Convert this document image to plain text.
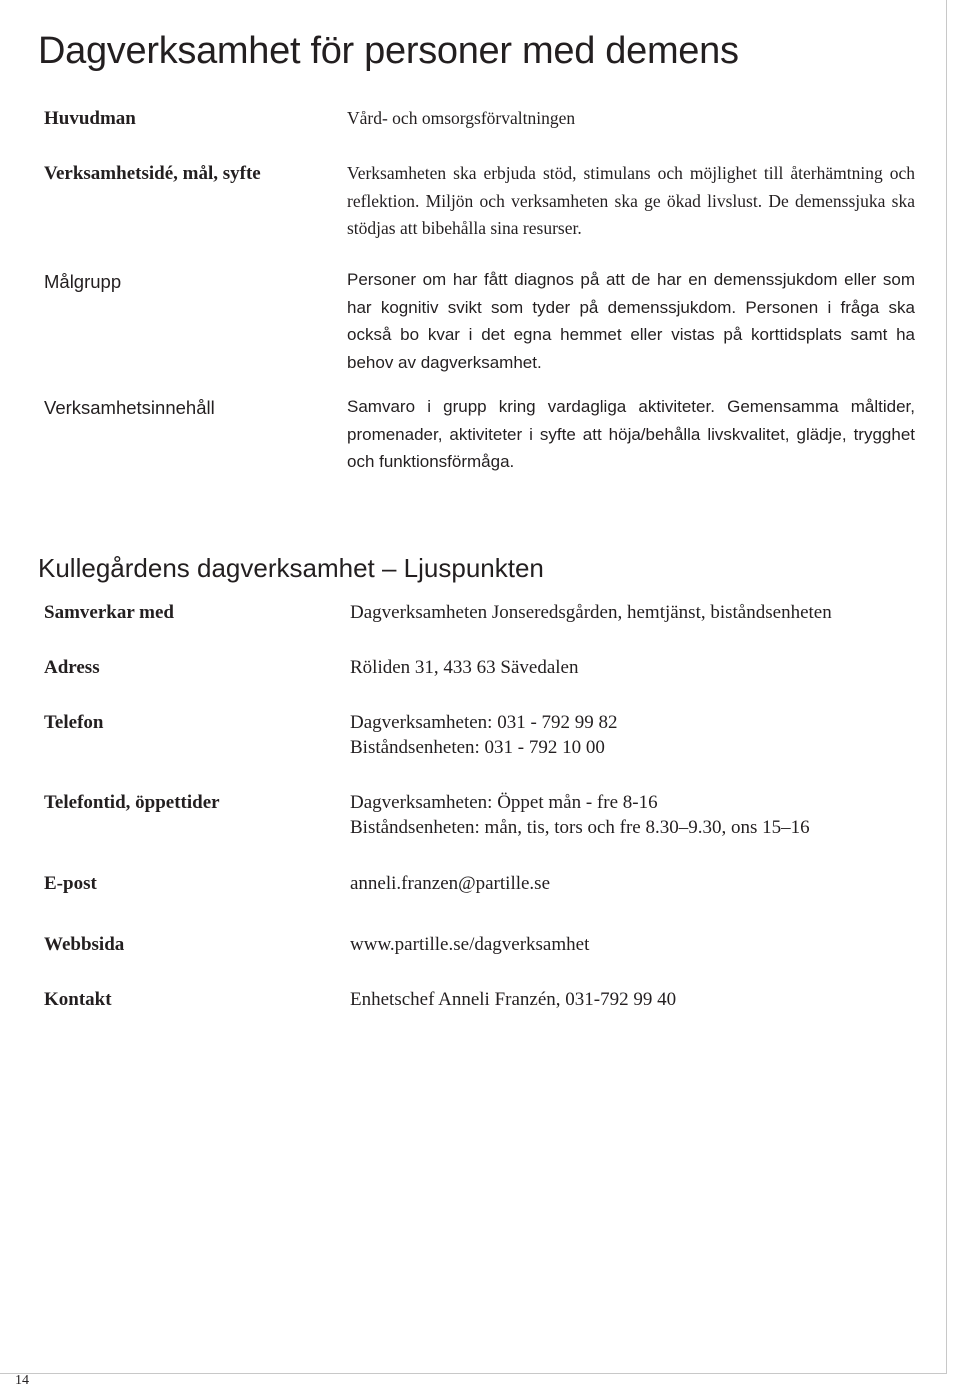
Dagverksamhet för personer med demens
Huvudman	Vård- och omsorgsförvaltningen
Verksamhetsidé, mål, syfte	Verksamheten ska erbjuda stöd, stimulans och möjlighet till återhämtning och reflektion. Miljön och verksamheten ska ge ökad livslust. De demenssjuka ska stödjas att bibehålla sina resurser.
Målgrupp	Personer om har fått diagnos på att de har en demenssjukdom eller som har kognitiv svikt som tyder på demenssjukdom. Personen i fråga ska också bo kvar i det egna hemmet eller vistas på korttidsplats samt ha behov av dagverksamhet.
Verksamhetsinnehåll	Samvaro i grupp kring vardagliga aktiviteter. Gemensamma måltider, promenader, aktiviteter i syfte att höja/behålla livskvalitet, glädje, trygghet och funktionsförmåga.
Kullegårdens dagverksamhet – Ljuspunkten
Samverkar med	Dagverksamheten Jonseredsgården, hemtjänst, biståndsenheten
Adress	Röliden 31, 433 63 Sävedalen
Telefon	Dagverksamheten: 031 - 792 99 82
Biståndsenheten: 031 - 792 10 00
Telefontid, öppettider	Dagverksamheten: Öppet mån - fre 8-16
Biståndsenheten: mån, tis, tors och fre 8.30–9.30, ons 15–16
E-post	anneli.franzen@partille.se
Webbsida	www.partille.se/dagverksamhet
Kontakt	Enhetschef Anneli Franzén, 031-792 99 40
14
